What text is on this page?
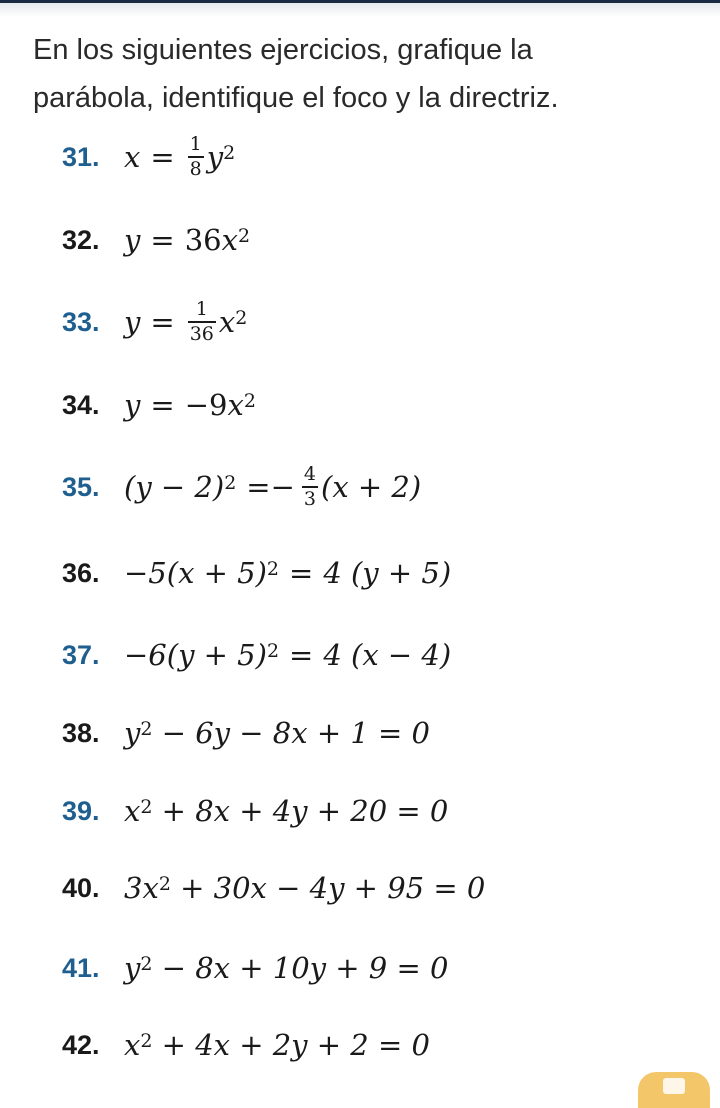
En los siguientes ejercicios, grafique la
parábola, identifique el foco y la directriz.

31. $x = \frac{1}{8} y^2$
32. y = 36 $x^2$
33. $y = \frac{1}{36} x^2$
34. y = −9 $x^2$
35. $(y - 2)^2 =- \frac{4}{3} (x + 2)$
36. $-5(x + 5)^2 = 4$ (y + 5)
37. $-6(y + 5)^2 = 4$ (x − 4)
38. $y^2 - 6y - 8x + 1 = 0$
39. $x^2 + 8x + 4y + 20 = 0$
40. $3x^2 + 30x - 4y + 95 = 0$
41. $y^2 - 8x + 10y + 9 = 0$
42. $x^2 + 4x + 2y + 2 = 0$
